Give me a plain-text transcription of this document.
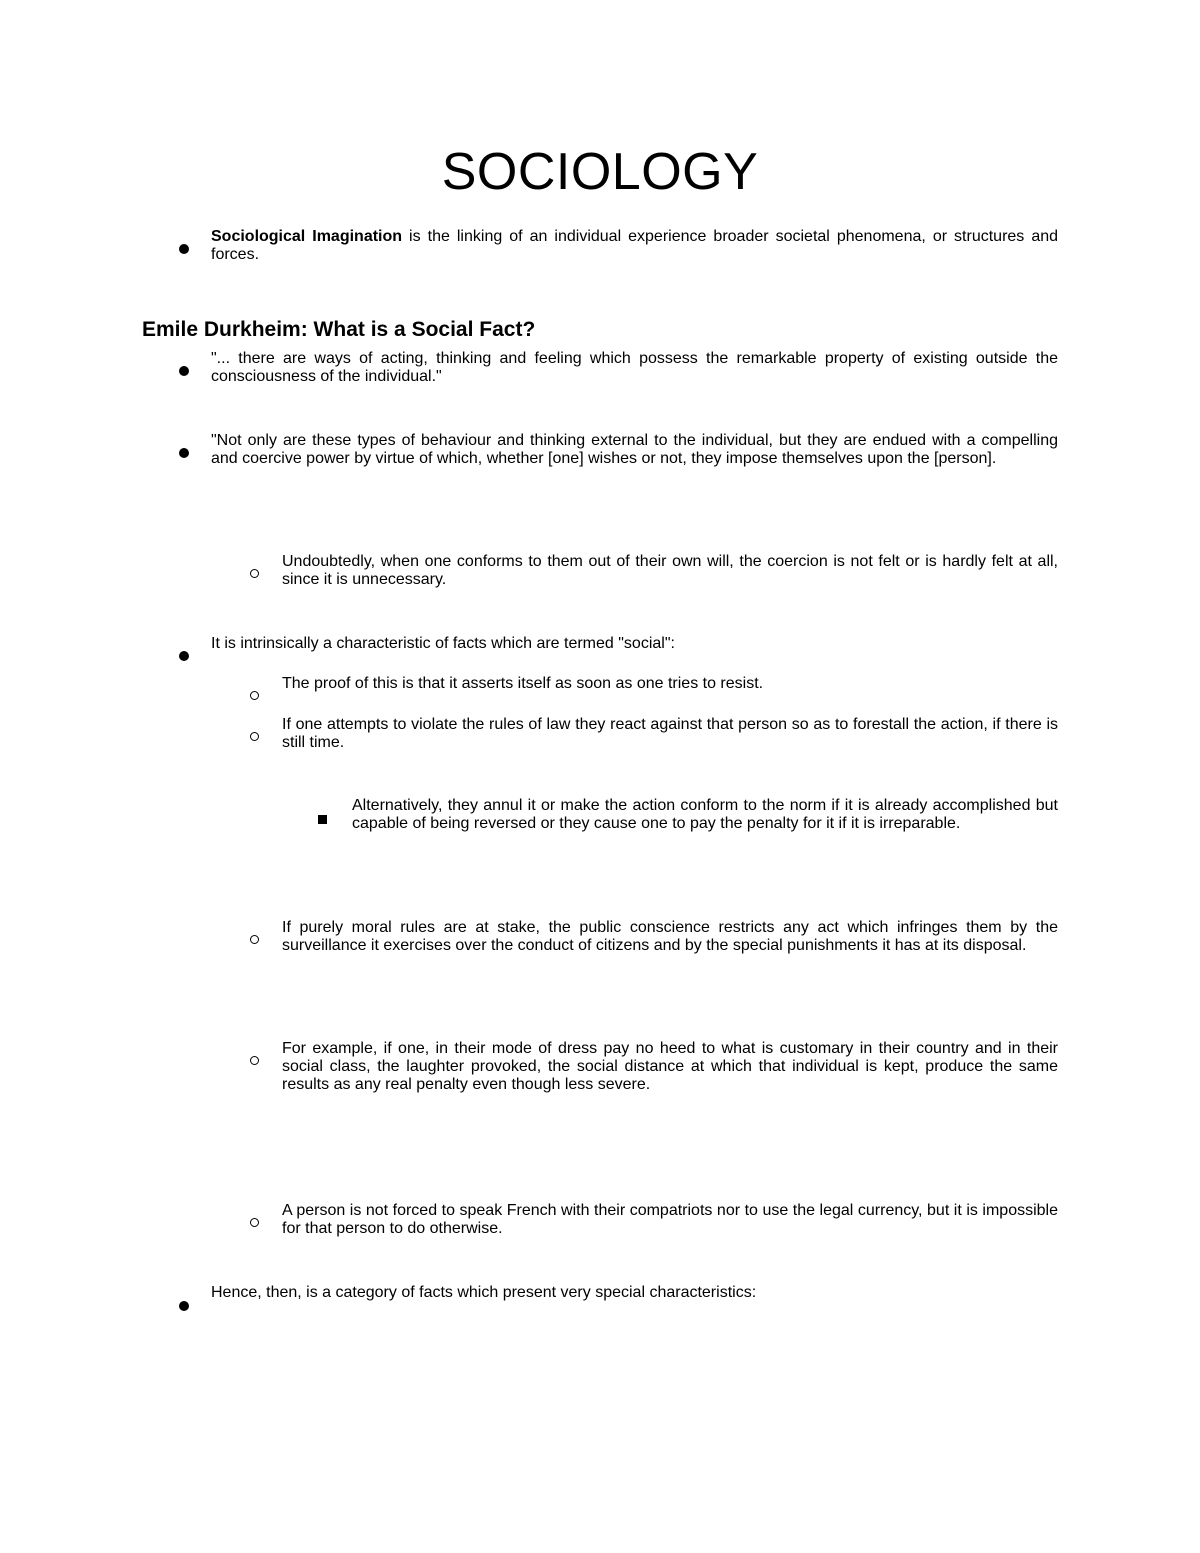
SOCIOLOGY

Sociological Imagination is the linking of an individual experience broader societal phenomena, or structures and forces.

Emile Durkheim: What is a Social Fact?

"... there are ways of acting, thinking and feeling which possess the remarkable property of existing outside the consciousness of the individual."

"Not only are these types of behaviour and thinking external to the individual, but they are endued with a compelling and coercive power by virtue of which, whether [one] wishes or not, they impose themselves upon the [person].

Undoubtedly, when one conforms to them out of their own will, the coercion is not felt or is hardly felt at all, since it is unnecessary.

It is intrinsically a characteristic of facts which are termed "social":

The proof of this is that it asserts itself as soon as one tries to resist.

If one attempts to violate the rules of law they react against that person so as to forestall the action, if there is still time.

Alternatively, they annul it or make the action conform to the norm if it is already accomplished but capable of being reversed or they cause one to pay the penalty for it if it is irreparable.

If purely moral rules are at stake, the public conscience restricts any act which infringes them by the surveillance it exercises over the conduct of citizens and by the special punishments it has at its disposal.

For example, if one, in their mode of dress pay no heed to what is customary in their country and in their social class, the laughter provoked, the social distance at which that individual is kept, produce the same results as any real penalty even though less severe.

A person is not forced to speak French with their compatriots nor to use the legal currency, but it is impossible for that person to do otherwise.

Hence, then, is a category of facts which present very special characteristics:
